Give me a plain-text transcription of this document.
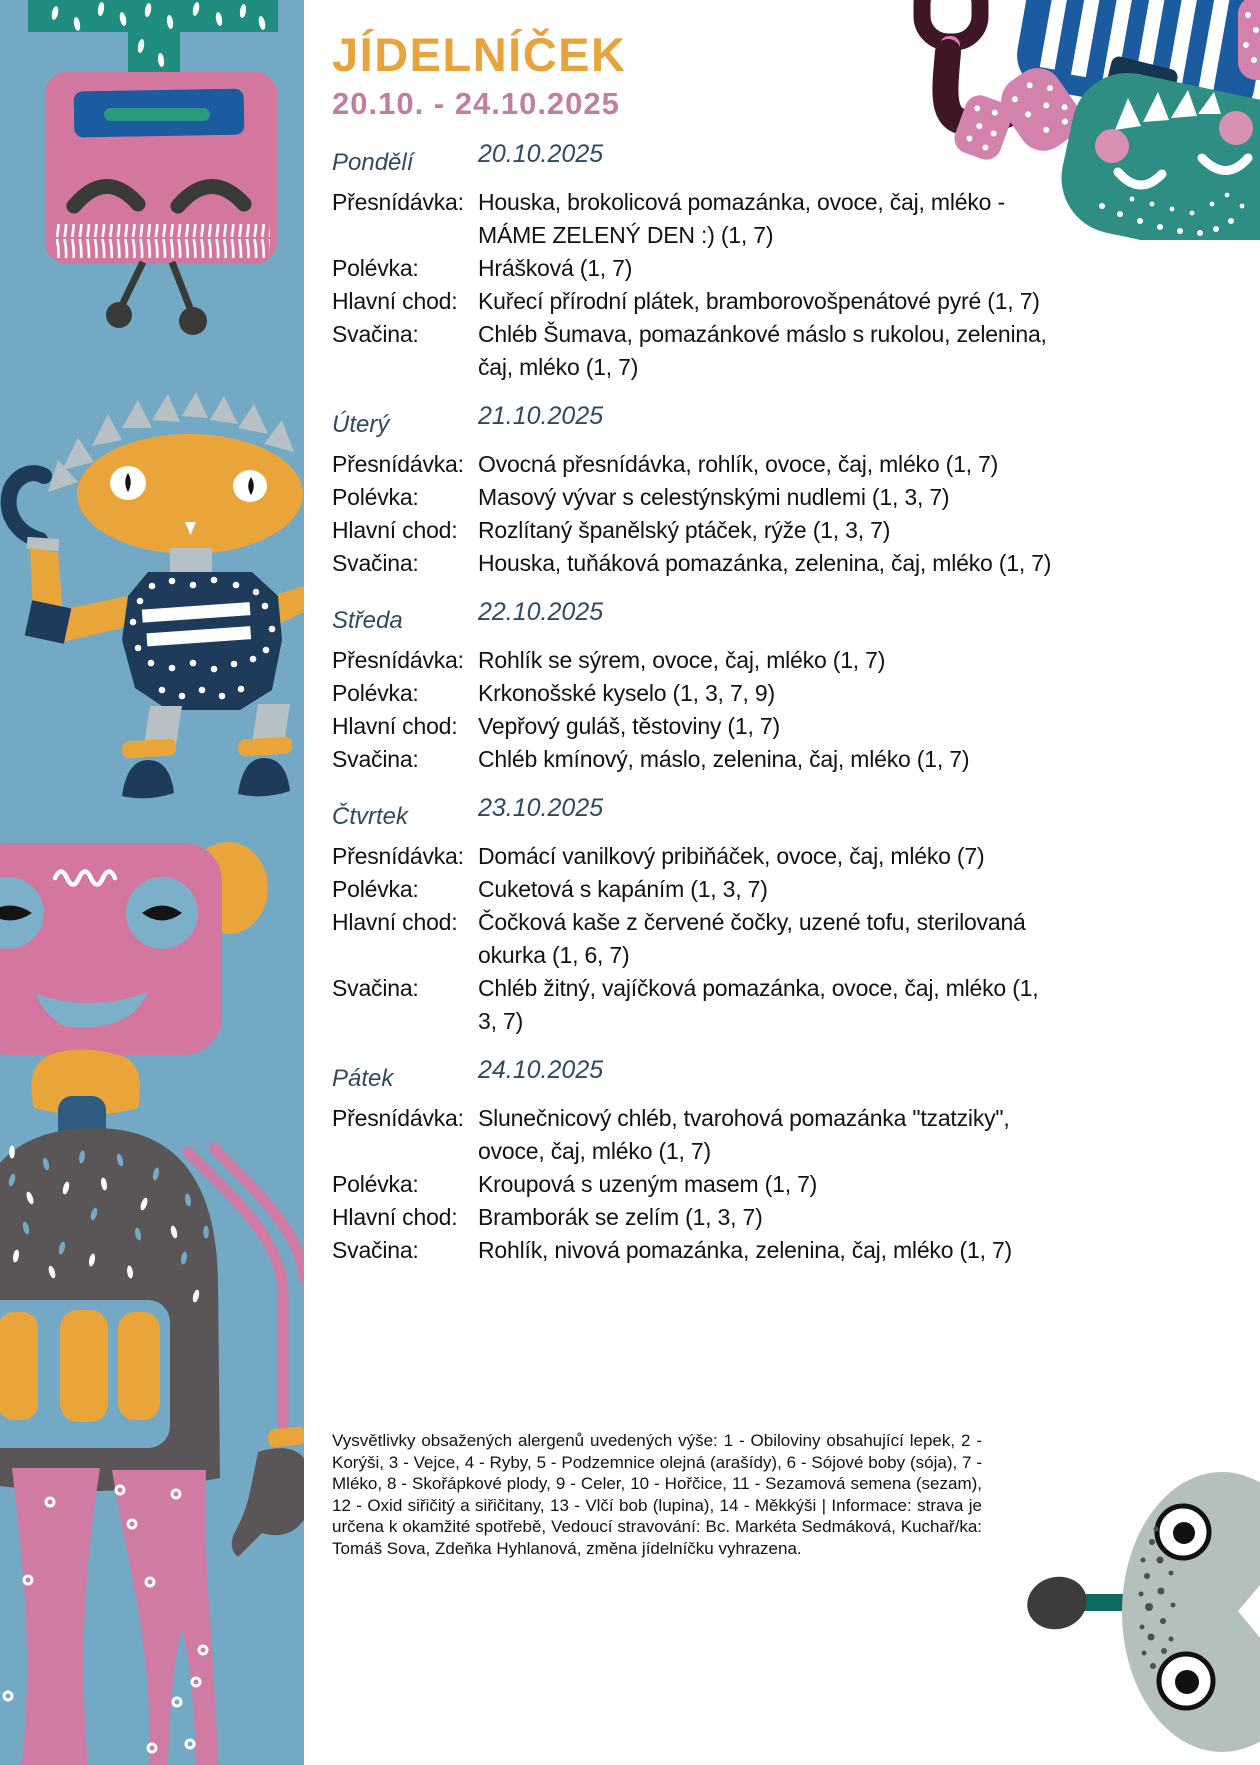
JÍDELNÍČEK
20.10. - 24.10.2025
Pondělí	20.10.2025
Přesnídávka: Houska, brokolicová pomazánka, ovoce, čaj, mléko - MÁME ZELENÝ DEN :) (1, 7)
Polévka:	Hrášková (1, 7)
Hlavní chod: Kuřecí přírodní plátek, bramborovošpenátové pyré (1, 7)
Svačina:	Chléb Šumava, pomazánkové máslo s rukolou, zelenina, čaj, mléko (1, 7)
Úterý	21.10.2025
Přesnídávka: Ovocná přesnídávka, rohlík, ovoce, čaj, mléko (1, 7)
Polévka:	Masový vývar s celestýnskými nudlemi (1, 3, 7)
Hlavní chod: Rozlítaný španělský ptáček, rýže (1, 3, 7)
Svačina:	Houska, tuňáková pomazánka, zelenina, čaj, mléko (1, 7)
Středa	22.10.2025
Přesnídávka: Rohlík se sýrem, ovoce, čaj, mléko (1, 7)
Polévka:	Krkonošské kyselo (1, 3, 7, 9)
Hlavní chod: Vepřový guláš, těstoviny (1, 7)
Svačina:	Chléb kmínový, máslo, zelenina, čaj, mléko (1, 7)
Čtvrtek	23.10.2025
Přesnídávka: Domácí vanilkový pribiňáček, ovoce, čaj, mléko (7)
Polévka:	Cuketová s kapáním (1, 3, 7)
Hlavní chod: Čočková kaše z červené čočky, uzené tofu, sterilovaná okurka (1, 6, 7)
Svačina:	Chléb žitný, vajíčková pomazánka, ovoce, čaj, mléko (1, 3, 7)
Pátek	24.10.2025
Přesnídávka: Slunečnicový chléb, tvarohová pomazánka "tzatziky", ovoce, čaj, mléko (1, 7)
Polévka:	Kroupová s uzeným masem (1, 7)
Hlavní chod: Bramborák se zelím (1, 3, 7)
Svačina:	Rohlík, nivová pomazánka, zelenina, čaj, mléko (1, 7)
Vysvětlivky obsažených alergenů uvedených výše: 1 - Obiloviny obsahující lepek, 2 - Korýši, 3 - Vejce, 4 - Ryby, 5 - Podzemnice olejná (arašídy), 6 - Sójové boby (sója), 7 - Mléko, 8 - Skořápkové plody, 9 - Celer, 10 - Hořčice, 11 - Sezamová semena (sezam), 12 - Oxid siřičitý a siřičitany, 13 - Vlčí bob (lupina), 14 - Měkkýši | Informace: strava je určena k okamžité spotřebě, Vedoucí stravování: Bc. Markéta Sedmáková, Kuchař/ka: Tomáš Sova, Zdeňka Hyhlanová, změna jídelníčku vyhrazena.
